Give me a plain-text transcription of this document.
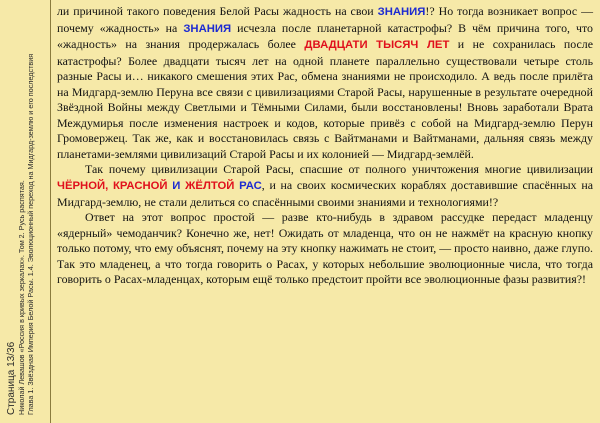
Страница 13/36 Николай Левашов «Россия в кривых зеркалах». Том 2. Русь распятая. Глава 1. Звёздная Империя Белой Расы. 1.4. Эволюционный переход на Мидгард-землю и его последствия

ли причиной такого поведения Белой Расы жадность на свои ЗНАНИЯ!? Но тогда возникает вопрос — почему «жадность» на ЗНАНИЯ исчезла после планетарной катастрофы? В чём причина того, что «жадность» на знания продержалась более ДВАДЦАТИ ТЫСЯЧ ЛЕТ и не сохранилась после катастрофы? Более двадцати тысяч лет на одной планете параллельно существовали четыре столь разные Расы и… никакого смешения этих Рас, обмена знаниями не происходило. А ведь после прилёта на Мидгард-землю Перуна все связи с цивилизациями Старой Расы, нарушенные в результате очередной Звёздной Войны между Светлыми и Тёмными Силами, были восстановлены! Вновь заработали Врата Междумирья после изменения настроек и кодов, которые привёз с собой на Мидгард-землю Перун Громовержец. Так же, как и восстановилась связь с Вайтманами и Вайтманами, дальняя связь между планетами-землями цивилизаций Старой Расы и их колонией — Мидгард-землёй.

Так почему цивилизации Старой Расы, спасшие от полного уничтожения многие цивилизации ЧЁРНОЙ, КРАСНОЙ И ЖЁЛТОЙ РАС, и на своих космических кораблях доставившие спасённых на Мидгард-землю, не стали делиться со спасёнными своими знаниями и технологиями!?

Ответ на этот вопрос простой — разве кто-нибудь в здравом рассудке передаст младенцу «ядерный» чемоданчик? Конечно же, нет! Ожидать от младенца, что он не нажмёт на красную кнопку только потому, что ему объяснят, почему на эту кнопку нажимать не стоит, — просто наивно, даже глупо. Так это младенец, а что тогда говорить о Расах, у которых небольшие эволюционные числа, что тогда говорить о Расах-младенцах, которым ещё только предстоит пройти все эволюционные фазы развития?!
